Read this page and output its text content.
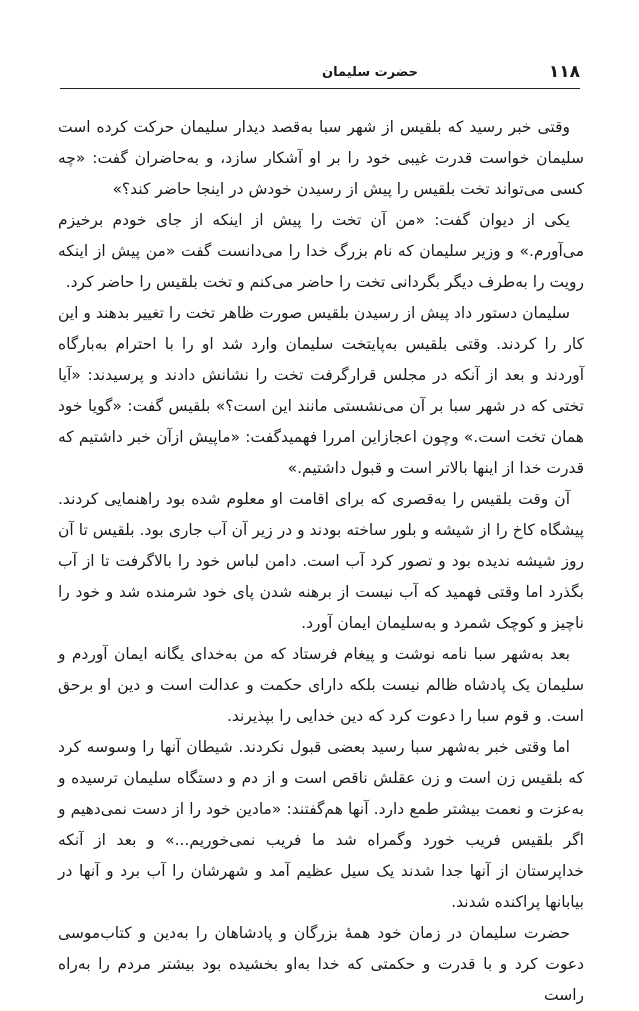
حضرت سلیمان	۱۱۸

وقتی خبر رسید که بلقیس از شهر سبا به‌قصد دیدار سلیمان حرکت کرده است سلیمان خواست قدرت غیبی خود را بر او آشکار سازد، و به‌حاضران گفت: «چه کسی می‌تواند تخت بلقیس را پیش از رسیدن خودش در اینجا حاضر کند؟»

یکی از دیوان گفت: «من آن تخت را پیش از اینکه از جای خودم برخیزم می‌آورم.» و وزیر سلیمان که نام بزرگ خدا را می‌دانست گفت «من پیش از اینکه رویت را به‌طرف دیگر بگردانی تخت را حاضر می‌کنم و تخت بلقیس را حاضر کرد.

سلیمان دستور داد پیش از رسیدن بلقیس صورت ظاهر تخت را تغییر بدهند و این کار را کردند. وقتی بلقیس به‌پایتخت سلیمان وارد شد او را با احترام به‌بارگاه آوردند و بعد از آنکه در مجلس قرارگرفت تخت را نشانش دادند و پرسیدند: «آیا تختی که در شهر سبا بر آن می‌نشستی مانند این است؟» بلقیس گفت: «گویا خود همان تخت است.» وچون اعجازاین امررا فهمیدگفت: «ماپیش ازآن خبر داشتیم که قدرت خدا از اینها بالاتر است و قبول داشتیم.»

آن وقت بلقیس را به‌قصری که برای اقامت او معلوم شده بود راهنمایی کردند. پیشگاه کاخ را از شیشه و بلور ساخته بودند و در زیر آن آب جاری بود. بلقیس تا آن روز شیشه ندیده بود و تصور کرد آب است. دامن لباس خود را بالاگرفت تا از آب بگذرد اما وقتی فهمید که آب نیست از برهنه شدن پای خود شرمنده شد و خود را ناچیز و کوچک شمرد و به‌سلیمان ایمان آورد.

بعد به‌شهر سبا نامه نوشت و پیغام فرستاد که من به‌خدای یگانه ایمان آوردم و سلیمان یک پادشاه ظالم نیست بلکه دارای حکمت و عدالت است و دین او برحق است. و قوم سبا را دعوت کرد که دین خدایی را بپذیرند.

اما وقتی خبر به‌شهر سبا رسید بعضی قبول نکردند. شیطان آنها را وسوسه کرد که بلقیس زن است و زن عقلش ناقص است و از دم و دستگاه سلیمان ترسیده و به‌عزت و نعمت بیشتر طمع دارد. آنها هم‌گفتند: «مادین خود را از دست نمی‌دهیم و اگر بلقیس فریب خورد وگمراه شد ما فریب نمی‌خوریم...» و بعد از آنکه خداپرستان از آنها جدا شدند یک سیل عظیم آمد و شهرشان را آب برد و آنها در بیابانها پراکنده شدند.

حضرت سلیمان در زمان خود همهٔ بزرگان و پادشاهان را به‌دین و کتاب‌موسی دعوت کرد و با قدرت و حکمتی که خدا به‌او بخشیده بود بیشتر مردم را به‌راه راست
